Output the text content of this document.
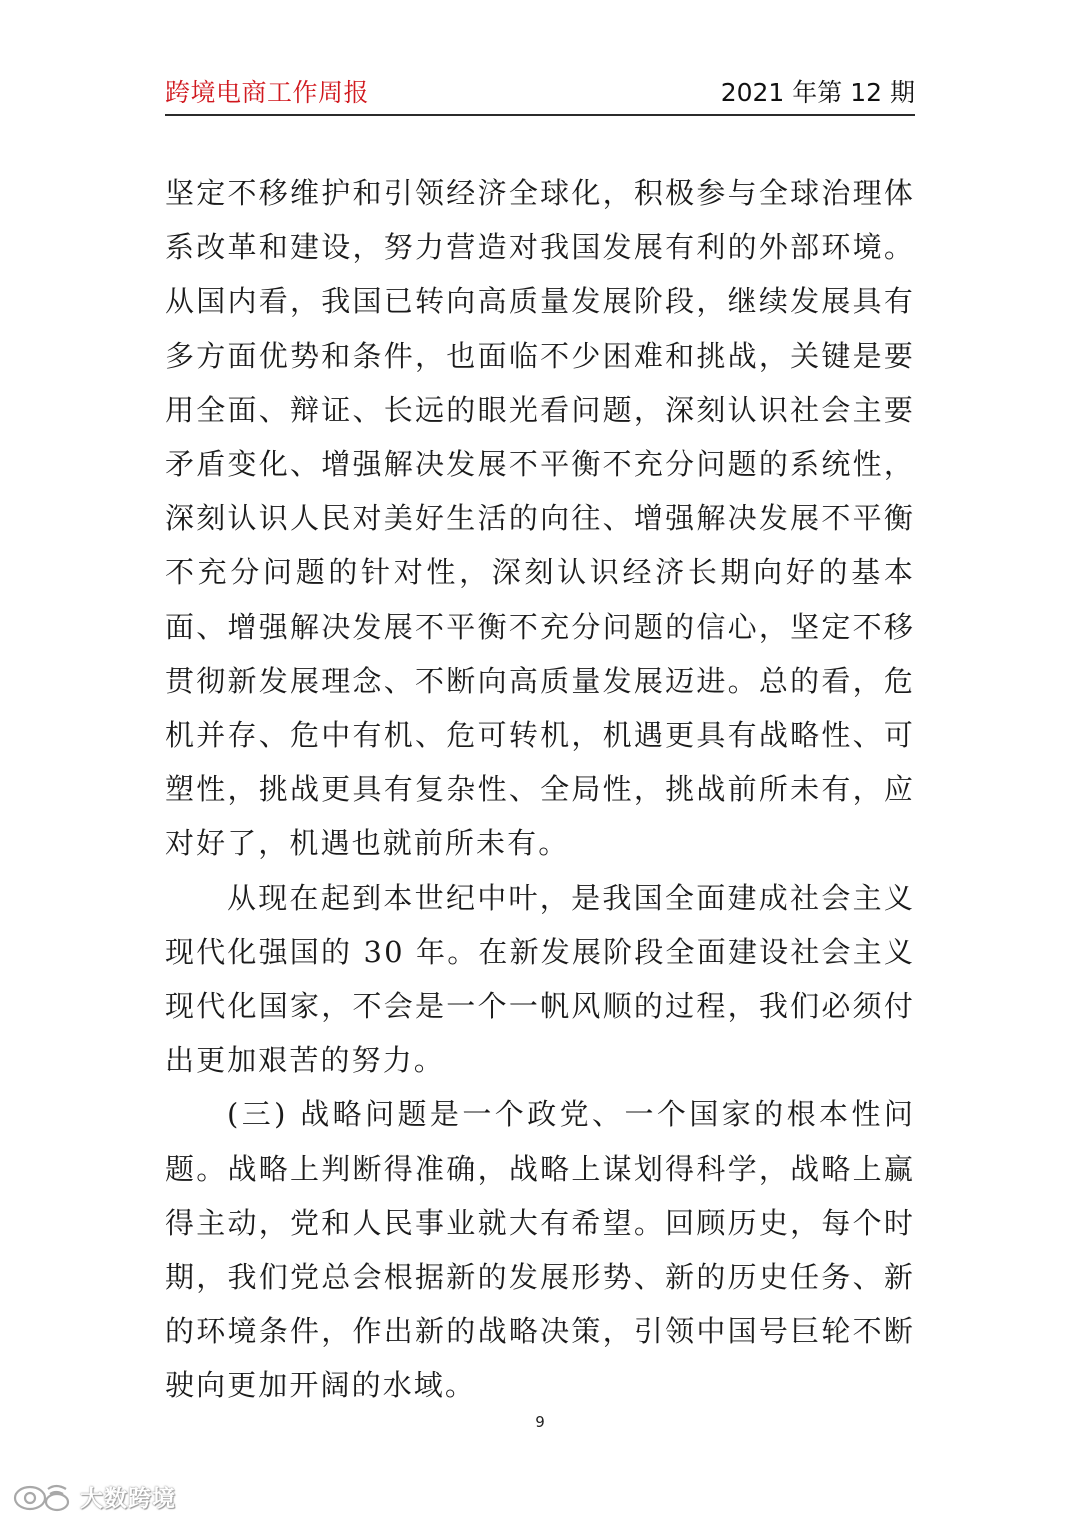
跨境电商工作周报	2021 年第 12 期

坚定不移维护和引领经济全球化，积极参与全球治理体系改革和建设，努力营造对我国发展有利的外部环境。从国内看，我国已转向高质量发展阶段，继续发展具有多方面优势和条件，也面临不少困难和挑战，关键是要用全面、辩证、长远的眼光看问题，深刻认识社会主要矛盾变化、增强解决发展不平衡不充分问题的系统性，深刻认识人民对美好生活的向往、增强解决发展不平衡不充分问题的针对性，深刻认识经济长期向好的基本面、增强解决发展不平衡不充分问题的信心，坚定不移贯彻新发展理念、不断向高质量发展迈进。总的看，危机并存、危中有机、危可转机，机遇更具有战略性、可塑性，挑战更具有复杂性、全局性，挑战前所未有，应对好了，机遇也就前所未有。

从现在起到本世纪中叶，是我国全面建成社会主义现代化强国的 30 年。在新发展阶段全面建设社会主义现代化国家，不会是一个一帆风顺的过程，我们必须付出更加艰苦的努力。

(三) 战略问题是一个政党、一个国家的根本性问题。战略上判断得准确，战略上谋划得科学，战略上赢得主动，党和人民事业就大有希望。回顾历史，每个时期，我们党总会根据新的发展形势、新的历史任务、新的环境条件，作出新的战略决策，引领中国号巨轮不断驶向更加开阔的水域。

9
大数跨境
